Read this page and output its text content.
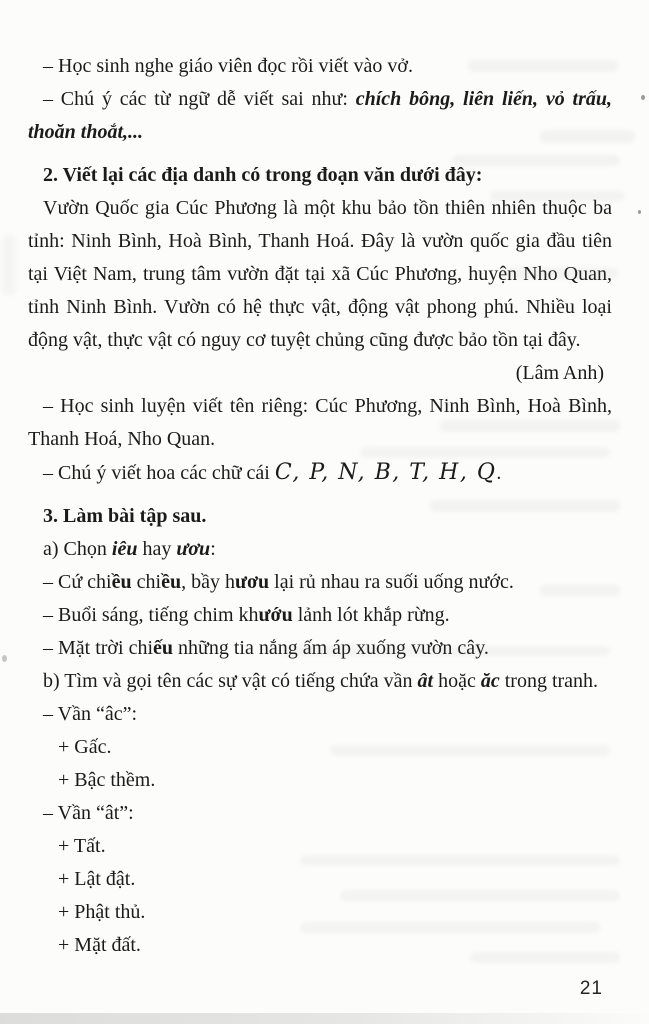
– Học sinh nghe giáo viên đọc rồi viết vào vở.
– Chú ý các từ ngữ dễ viết sai như: chích bông, liên liến, vỏ trấu, thoăn thoắt,...
2. Viết lại các địa danh có trong đoạn văn dưới đây:
Vườn Quốc gia Cúc Phương là một khu bảo tồn thiên nhiên thuộc ba tỉnh: Ninh Bình, Hoà Bình, Thanh Hoá. Đây là vườn quốc gia đầu tiên tại Việt Nam, trung tâm vườn đặt tại xã Cúc Phương, huyện Nho Quan, tỉnh Ninh Bình. Vườn có hệ thực vật, động vật phong phú. Nhiều loại động vật, thực vật có nguy cơ tuyệt chủng cũng được bảo tồn tại đây.
(Lâm Anh)
– Học sinh luyện viết tên riêng: Cúc Phương, Ninh Bình, Hoà Bình, Thanh Hoá, Nho Quan.
– Chú ý viết hoa các chữ cái C, P, N, B, T, H, Q.
3. Làm bài tập sau.
a) Chọn iêu hay ươu:
– Cứ chiều chiều, bầy hươu lại rủ nhau ra suối uống nước.
– Buổi sáng, tiếng chim khướu lảnh lót khắp rừng.
– Mặt trời chiếu những tia nắng ấm áp xuống vườn cây.
b) Tìm và gọi tên các sự vật có tiếng chứa vần ât hoặc ăc trong tranh.
– Vần “âc”:
+ Gấc.
+ Bậc thềm.
– Vần “ât”:
+ Tất.
+ Lật đật.
+ Phật thủ.
+ Mặt đất.
21
